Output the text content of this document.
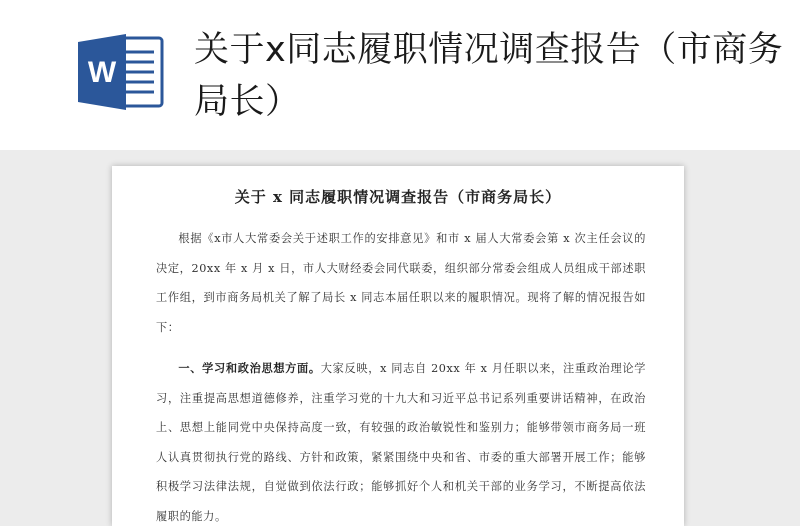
W
关于x同志履职情况调查报告（市商务局长）
关于 x 同志履职情况调查报告（市商务局长）

根据《x市人大常委会关于述职工作的安排意见》和市 x 届人大常委会第 x 次主任会议的决定，20xx 年 x 月 x 日，市人大财经委会同代联委，组织部分常委会组成人员组成干部述职工作组，到市商务局机关了解了局长 x 同志本届任职以来的履职情况。现将了解的情况报告如下：

一、学习和政治思想方面。大家反映，x 同志自 20xx 年 x 月任职以来，注重政治理论学习，注重提高思想道德修养，注重学习党的十九大和习近平总书记系列重要讲话精神，在政治上、思想上能同党中央保持高度一致，有较强的政治敏锐性和鉴别力；能够带领市商务局一班人认真贯彻执行党的路线、方针和政策，紧紧围绕中央和省、市委的重大部署开展工作；能够积极学习法律法规，自觉做到依法行政；能够抓好个人和机关干部的业务学习，不断提高依法履职的能力。
